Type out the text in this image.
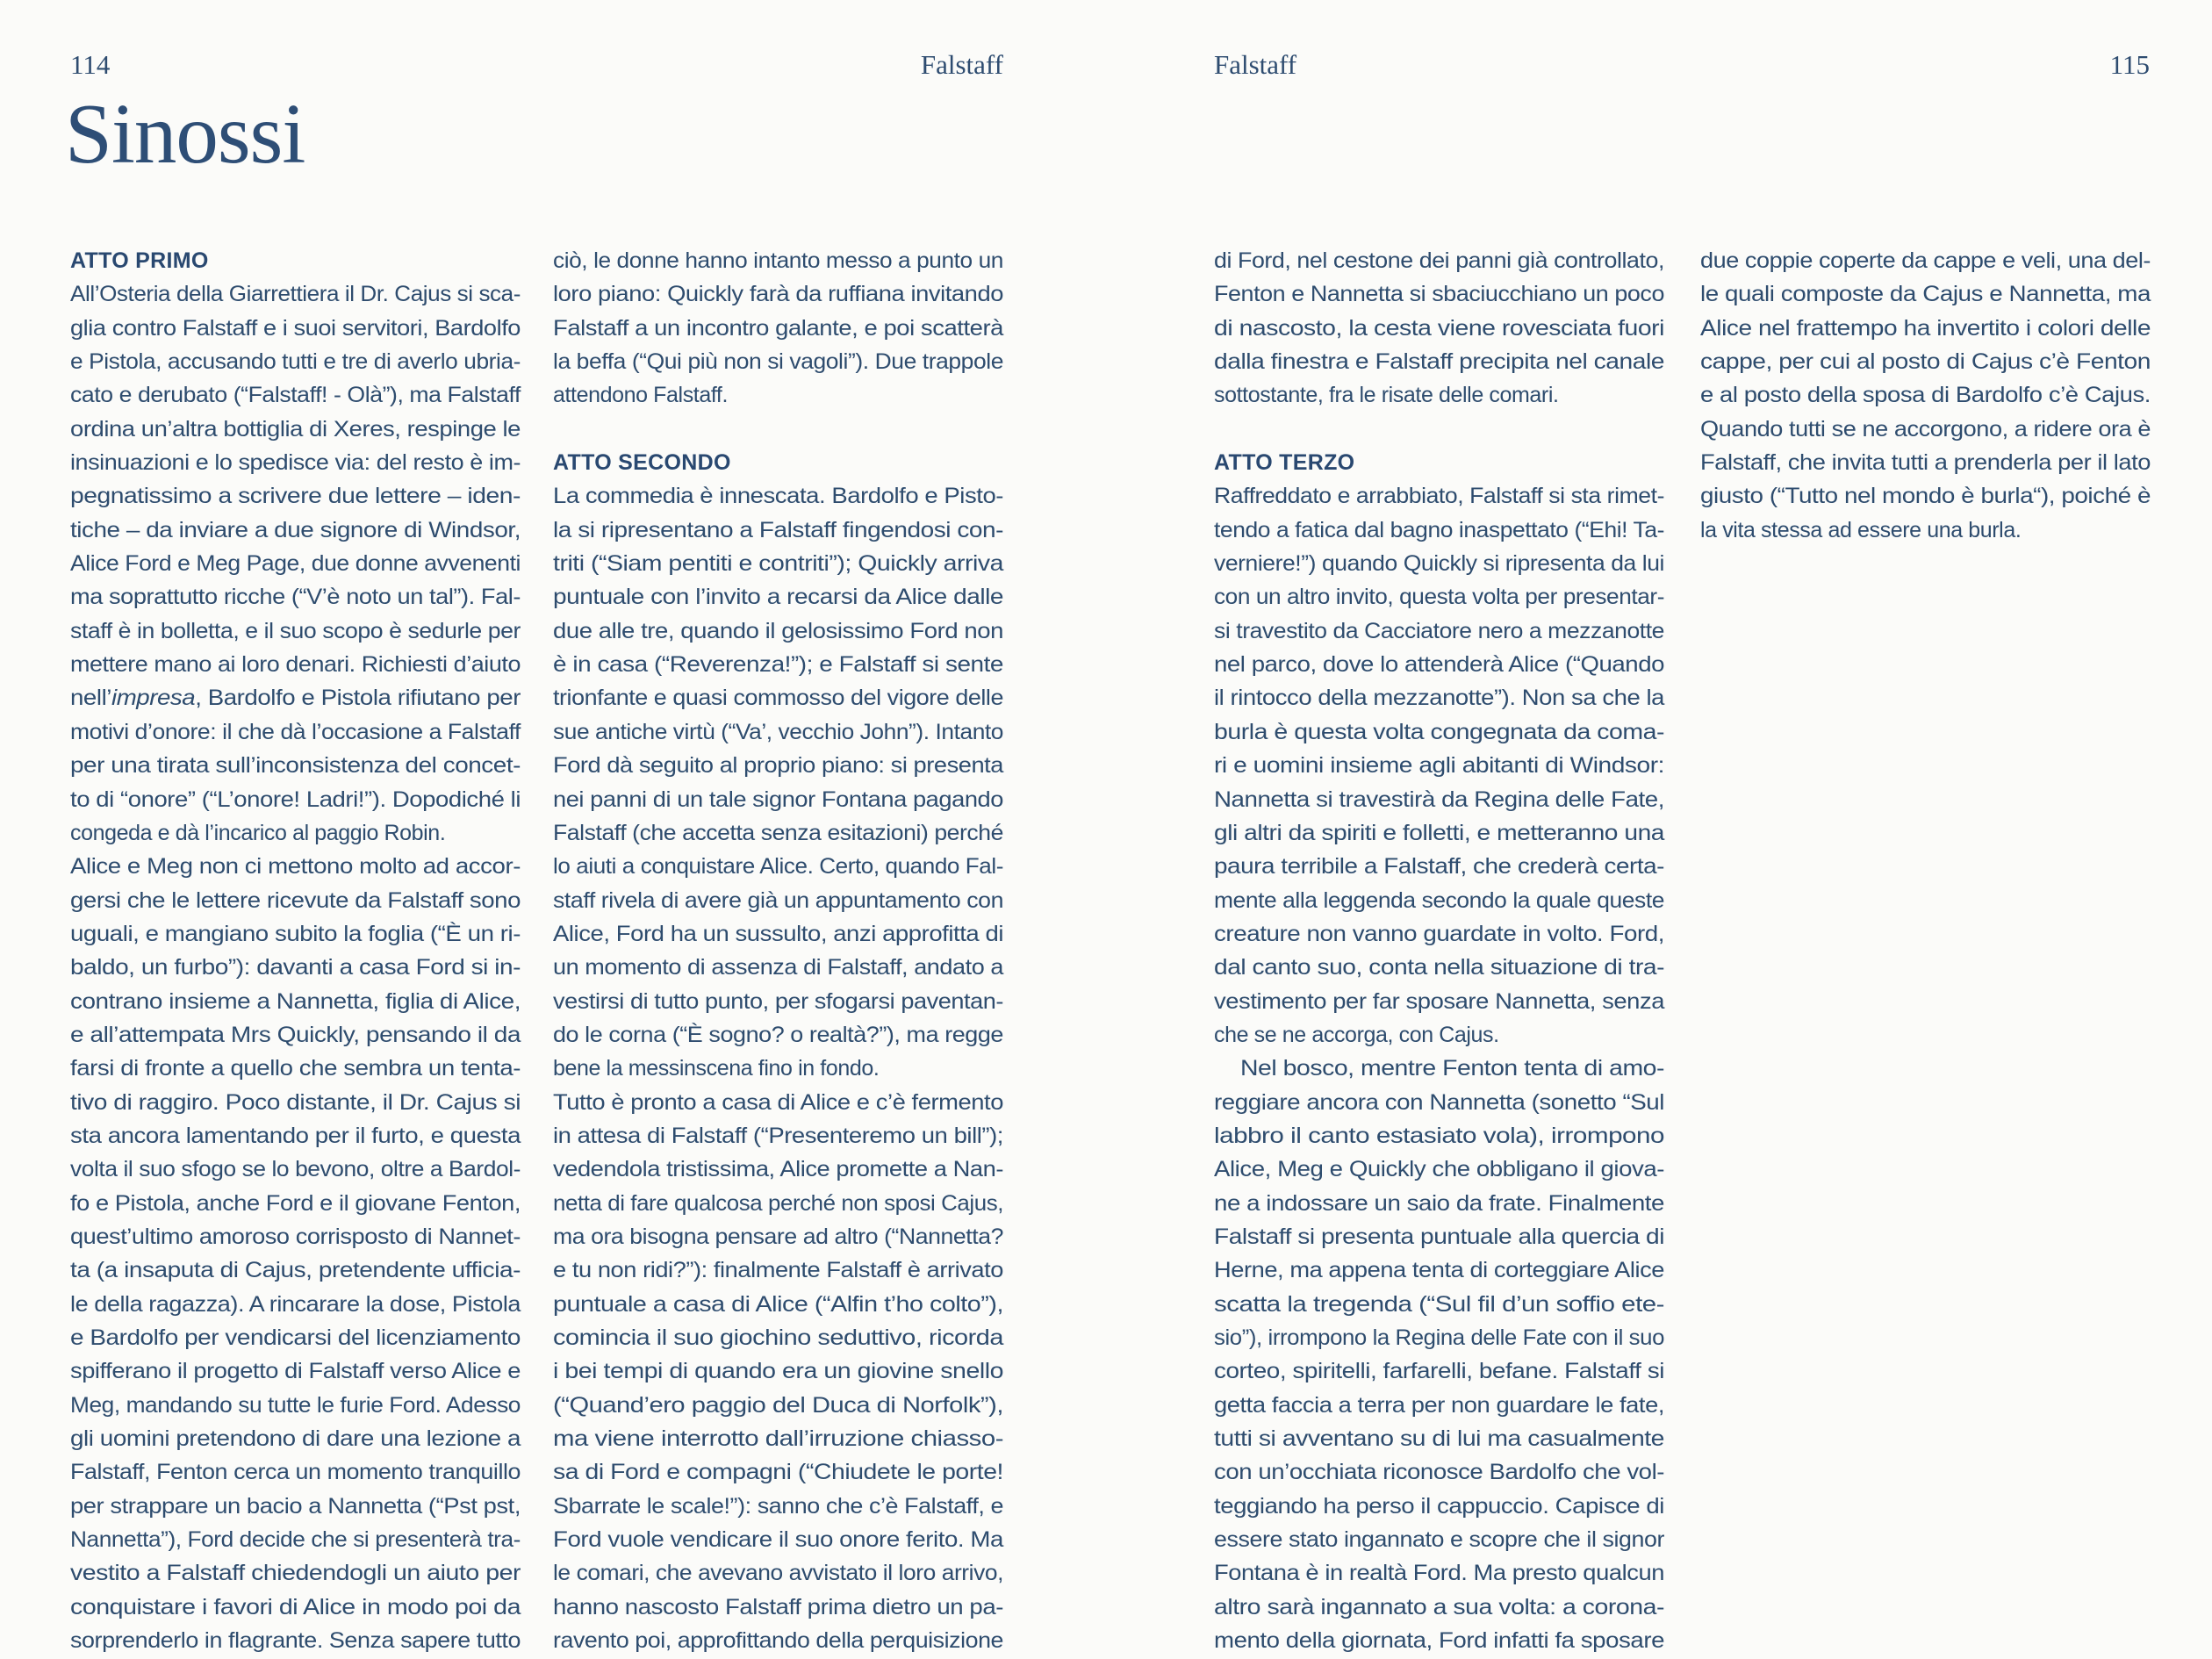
114	Falstaff	Falstaff	115
Sinossi
ATTO PRIMO
All’Osteria della Giarrettiera il Dr. Cajus si sca-
glia contro Falstaff e i suoi servitori, Bardolfo
e Pistola, accusando tutti e tre di averlo ubria-
cato e derubato (“Falstaff! - Olà”), ma Falstaff
ordina un’altra bottiglia di Xeres, respinge le
insinuazioni e lo spedisce via: del resto è im-
pegnatissimo a scrivere due lettere – iden-
tiche – da inviare a due signore di Windsor,
Alice Ford e Meg Page, due donne avvenenti
ma soprattutto ricche (“V’è noto un tal”). Fal-
staff è in bolletta, e il suo scopo è sedurle per
mettere mano ai loro denari. Richiesti d’aiuto
nell’impresa, Bardolfo e Pistola rifiutano per
motivi d’onore: il che dà l’occasione a Falstaff
per una tirata sull’inconsistenza del concet-
to di “onore” (“L’onore! Ladri!”). Dopodiché li
congeda e dà l’incarico al paggio Robin.
Alice e Meg non ci mettono molto ad accor-
gersi che le lettere ricevute da Falstaff sono
uguali, e mangiano subito la foglia (“È un ri-
baldo, un furbo”): davanti a casa Ford si in-
contrano insieme a Nannetta, figlia di Alice,
e all’attempata Mrs Quickly, pensando il da
farsi di fronte a quello che sembra un tenta-
tivo di raggiro. Poco distante, il Dr. Cajus si
sta ancora lamentando per il furto, e questa
volta il suo sfogo se lo bevono, oltre a Bardol-
fo e Pistola, anche Ford e il giovane Fenton,
quest’ultimo amoroso corrisposto di Nannet-
ta (a insaputa di Cajus, pretendente ufficia-
le della ragazza). A rincarare la dose, Pistola
e Bardolfo per vendicarsi del licenziamento
spifferano il progetto di Falstaff verso Alice e
Meg, mandando su tutte le furie Ford. Adesso
gli uomini pretendono di dare una lezione a
Falstaff, Fenton cerca un momento tranquillo
per strappare un bacio a Nannetta (“Pst pst,
Nannetta”), Ford decide che si presenterà tra-
vestito a Falstaff chiedendogli un aiuto per
conquistare i favori di Alice in modo poi da
sorprenderlo in flagrante. Senza sapere tutto
ciò, le donne hanno intanto messo a punto un
loro piano: Quickly farà da ruffiana invitando
Falstaff a un incontro galante, e poi scatterà
la beffa (“Qui più non si vagoli”). Due trappole
attendono Falstaff.
ATTO SECONDO
La commedia è innescata. Bardolfo e Pisto-
la si ripresentano a Falstaff fingendosi con-
triti (“Siam pentiti e contriti”); Quickly arriva
puntuale con l’invito a recarsi da Alice dalle
due alle tre, quando il gelosissimo Ford non
è in casa (“Reverenza!”); e Falstaff si sente
trionfante e quasi commosso del vigore delle
sue antiche virtù (“Va’, vecchio John”). Intanto
Ford dà seguito al proprio piano: si presenta
nei panni di un tale signor Fontana pagando
Falstaff (che accetta senza esitazioni) perché
lo aiuti a conquistare Alice. Certo, quando Fal-
staff rivela di avere già un appuntamento con
Alice, Ford ha un sussulto, anzi approfitta di
un momento di assenza di Falstaff, andato a
vestirsi di tutto punto, per sfogarsi paventan-
do le corna (“È sogno? o realtà?”), ma regge
bene la messinscena fino in fondo.
Tutto è pronto a casa di Alice e c’è fermento
in attesa di Falstaff (“Presenteremo un bill”);
vedendola tristissima, Alice promette a Nan-
netta di fare qualcosa perché non sposi Cajus,
ma ora bisogna pensare ad altro (“Nannetta?
e tu non ridi?”): finalmente Falstaff è arrivato
puntuale a casa di Alice (“Alfin t’ho colto”),
comincia il suo giochino seduttivo, ricorda
i bei tempi di quando era un giovine snello
(“Quand’ero paggio del Duca di Norfolk”),
ma viene interrotto dall’irruzione chiasso-
sa di Ford e compagni (“Chiudete le porte!
Sbarrate le scale!”): sanno che c’è Falstaff, e
Ford vuole vendicare il suo onore ferito. Ma
le comari, che avevano avvistato il loro arrivo,
hanno nascosto Falstaff prima dietro un pa-
ravento poi, approfittando della perquisizione
di Ford, nel cestone dei panni già controllato,
Fenton e Nannetta si sbaciucchiano un poco
di nascosto, la cesta viene rovesciata fuori
dalla finestra e Falstaff precipita nel canale
sottostante, fra le risate delle comari.
ATTO TERZO
Raffreddato e arrabbiato, Falstaff si sta rimet-
tendo a fatica dal bagno inaspettato (“Ehi! Ta-
verniere!”) quando Quickly si ripresenta da lui
con un altro invito, questa volta per presentar-
si travestito da Cacciatore nero a mezzanotte
nel parco, dove lo attenderà Alice (“Quando
il rintocco della mezzanotte”). Non sa che la
burla è questa volta congegnata da coma-
ri e uomini insieme agli abitanti di Windsor:
Nannetta si travestirà da Regina delle Fate,
gli altri da spiriti e folletti, e metteranno una
paura terribile a Falstaff, che crederà certa-
mente alla leggenda secondo la quale queste
creature non vanno guardate in volto. Ford,
dal canto suo, conta nella situazione di tra-
vestimento per far sposare Nannetta, senza
che se ne accorga, con Cajus.
Nel bosco, mentre Fenton tenta di amo-
reggiare ancora con Nannetta (sonetto “Sul
labbro il canto estasiato vola), irrompono
Alice, Meg e Quickly che obbligano il giova-
ne a indossare un saio da frate. Finalmente
Falstaff si presenta puntuale alla quercia di
Herne, ma appena tenta di corteggiare Alice
scatta la tregenda (“Sul fil d’un soffio ete-
sio”), irrompono la Regina delle Fate con il suo
corteo, spiritelli, farfarelli, befane. Falstaff si
getta faccia a terra per non guardare le fate,
tutti si avventano su di lui ma casualmente
con un’occhiata riconosce Bardolfo che vol-
teggiando ha perso il cappuccio. Capisce di
essere stato ingannato e scopre che il signor
Fontana è in realtà Ford. Ma presto qualcun
altro sarà ingannato a sua volta: a corona-
mento della giornata, Ford infatti fa sposare
due coppie coperte da cappe e veli, una del-
le quali composte da Cajus e Nannetta, ma
Alice nel frattempo ha invertito i colori delle
cappe, per cui al posto di Cajus c’è Fenton
e al posto della sposa di Bardolfo c’è Cajus.
Quando tutti se ne accorgono, a ridere ora è
Falstaff, che invita tutti a prenderla per il lato
giusto (“Tutto nel mondo è burla“), poiché è
la vita stessa ad essere una burla.
